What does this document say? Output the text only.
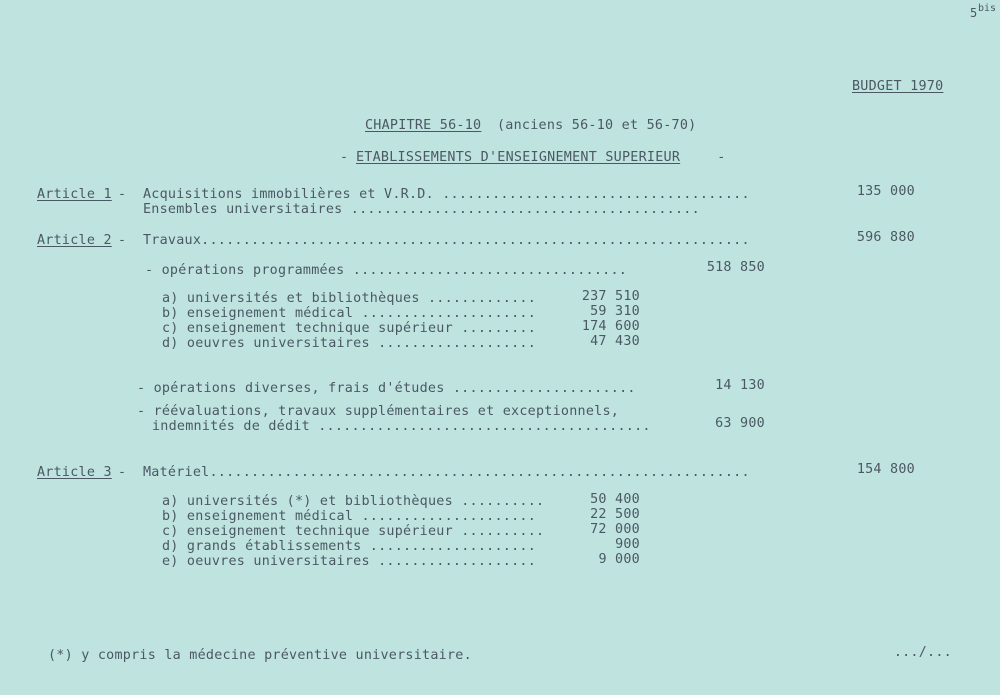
5 bis
BUDGET 1970
CHAPITRE 56-10 (anciens 56-10 et 56-70)
- ETABLISSEMENTS D'ENSEIGNEMENT SUPERIEUR -
Article 1 - Acquisitions immobilières et V.R.D. .....................................	135 000
Ensembles universitaires ..........................................
Article 2 - Travaux..................................................................	596 880
- opérations programmées .................................	518 850
a) universités et bibliothèques .............	237 510
b) enseignement médical .....................	59 310
c) enseignement technique supérieur .........	174 600
d) oeuvres universitaires ...................	47 430
- opérations diverses, frais d'études ......................	14 130
- réévaluations, travaux supplémentaires et exceptionnels,
indemnités de dédit ........................................	63 900
Article 3 - Matériel.................................................................	154 800
a) universités (*) et bibliothèques ..........	50 400
b) enseignement médical .....................	22 500
c) enseignement technique supérieur ..........	72 000
d) grands établissements ....................	900
e) oeuvres universitaires ...................	9 000
(*) y compris la médecine préventive universitaire.	.../...
